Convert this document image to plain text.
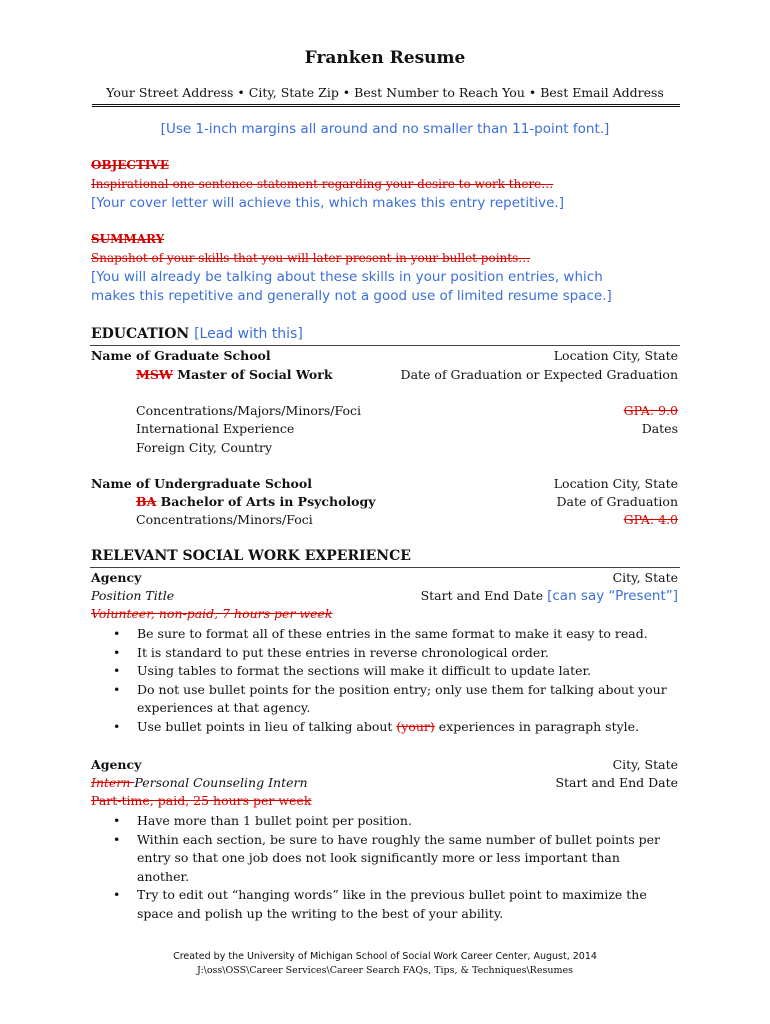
Franken Resume
Your Street Address • City, State Zip • Best Number to Reach You • Best Email Address
[Use 1-inch margins all around and no smaller than 11-point font.]
OBJECTIVE
Inspirational one-sentence statement regarding your desire to work there…
[Your cover letter will achieve this, which makes this entry repetitive.]
SUMMARY
Snapshot of your skills that you will later present in your bullet points…
[You will already be talking about these skills in your position entries, which
makes this repetitive and generally not a good use of limited resume space.]
EDUCATION [Lead with this]
Name of Graduate School	Location City, State
MSW Master of Social Work	Date of Graduation or Expected Graduation
Concentrations/Majors/Minors/Foci	GPA: 9.0
International Experience	Dates
Foreign City, Country
Name of Undergraduate School	Location City, State
BA Bachelor of Arts in Psychology	Date of Graduation
Concentrations/Minors/Foci	GPA: 4.0
RELEVANT SOCIAL WORK EXPERIENCE
Agency	City, State
Position Title	Start and End Date [can say “Present”]
Volunteer, non-paid, 7 hours per week
• Be sure to format all of these entries in the same format to make it easy to read.
• It is standard to put these entries in reverse chronological order.
• Using tables to format the sections will make it difficult to update later.
• Do not use bullet points for the position entry; only use them for talking about your experiences at that agency.
• Use bullet points in lieu of talking about (your) experiences in paragraph style.
Agency	City, State
Intern Personal Counseling Intern	Start and End Date
Part-time, paid, 25 hours per week
• Have more than 1 bullet point per position.
• Within each section, be sure to have roughly the same number of bullet points per entry so that one job does not look significantly more or less important than another.
• Try to edit out “hanging words” like in the previous bullet point to maximize the space and polish up the writing to the best of your ability.
Created by the University of Michigan School of Social Work Career Center, August, 2014
J:\oss\OSS\Career Services\Career Search FAQs, Tips, & Techniques\Resumes
